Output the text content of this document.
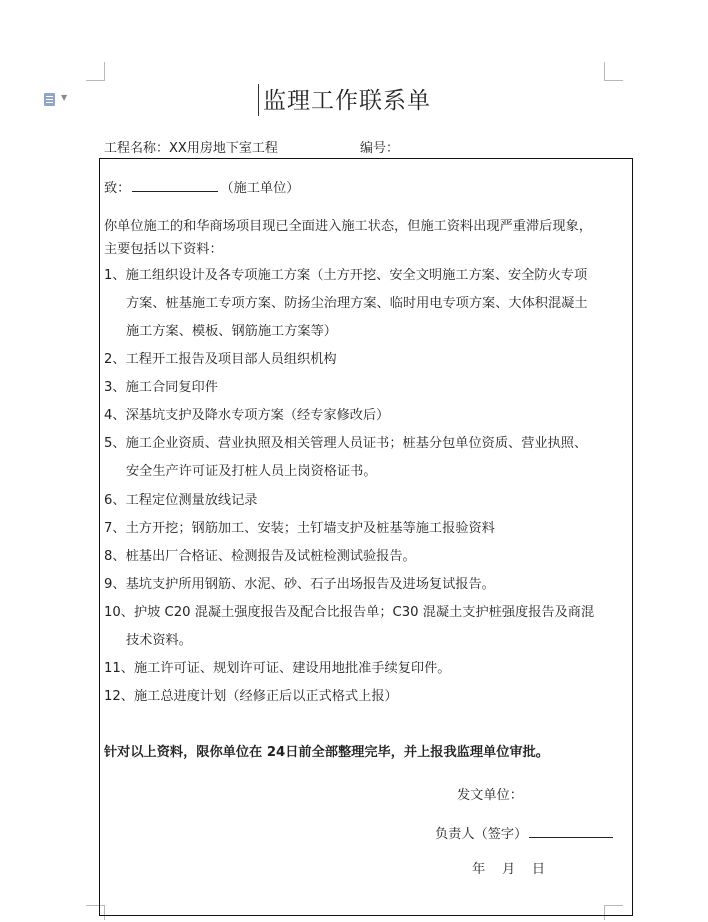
▼	监理工作联系单
工程名称：XX用房地下室工程	编号：
致：	（施工单位）
你单位施工的和华商场项目现已全面进入施工状态，但施工资料出现严重滞后现象，
主要包括以下资料：
1、施工组织设计及各专项施工方案（土方开挖、安全文明施工方案、安全防火专项
方案、桩基施工专项方案、防扬尘治理方案、临时用电专项方案、大体积混凝土
施工方案、模板、钢筋施工方案等）
2、工程开工报告及项目部人员组织机构
3、施工合同复印件
4、深基坑支护及降水专项方案（经专家修改后）
5、施工企业资质、营业执照及相关管理人员证书；桩基分包单位资质、营业执照、
安全生产许可证及打桩人员上岗资格证书。
6、工程定位测量放线记录
7、土方开挖；钢筋加工、安装；土钉墙支护及桩基等施工报验资料
8、桩基出厂合格证、检测报告及试桩检测试验报告。
9、基坑支护所用钢筋、水泥、砂、石子出场报告及进场复试报告。
10、护坡 C20 混凝土强度报告及配合比报告单；C30 混凝土支护桩强度报告及商混
技术资料。
11、施工许可证、规划许可证、建设用地批准手续复印件。
12、施工总进度计划（经修正后以正式格式上报）
针对以上资料，限你单位在 24日前全部整理完毕，并上报我监理单位审批。
发文单位：
负责人（签字）
年    月    日
